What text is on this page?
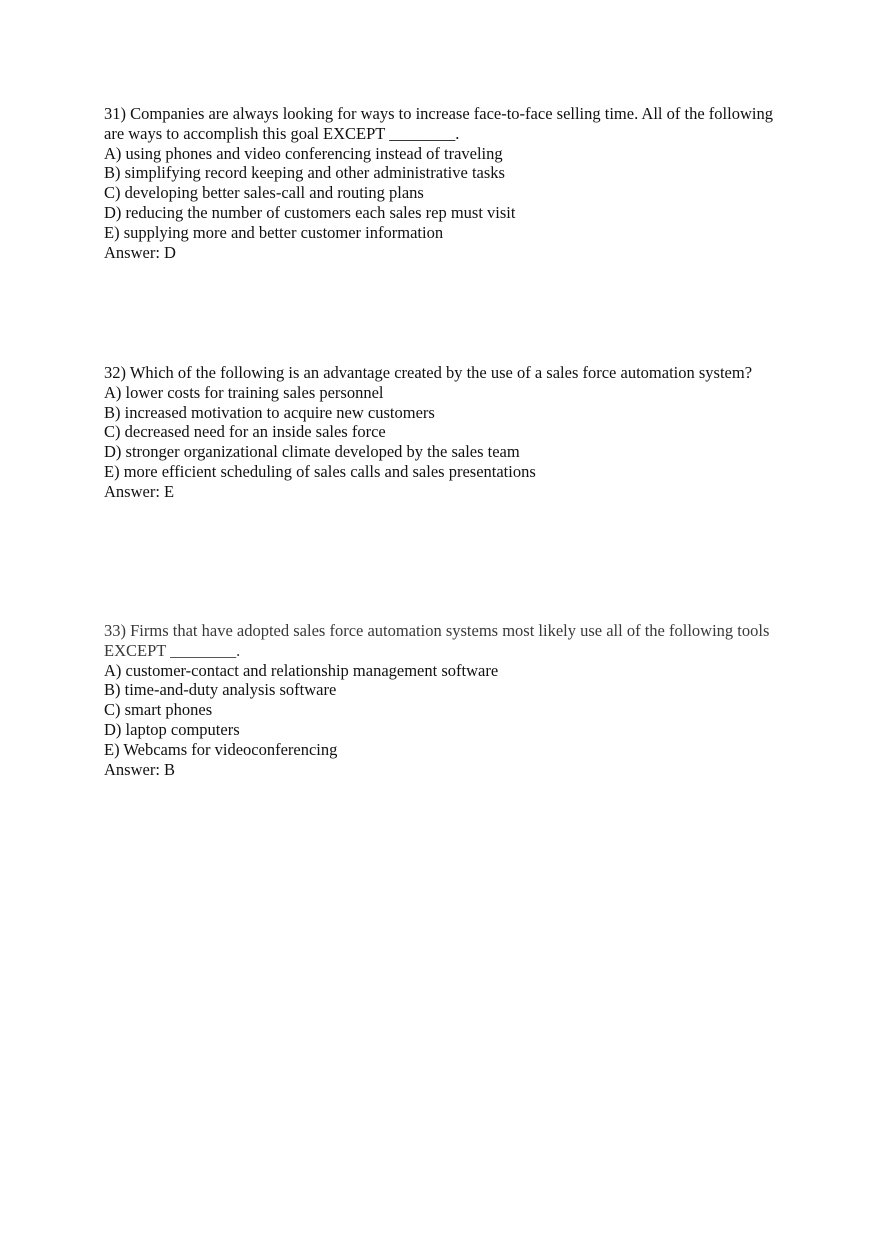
31) Companies are always looking for ways to increase face-to-face selling time. All of the following are ways to accomplish this goal EXCEPT ________.
A) using phones and video conferencing instead of traveling
B) simplifying record keeping and other administrative tasks
C) developing better sales-call and routing plans
D) reducing the number of customers each sales rep must visit
E) supplying more and better customer information
Answer: D
32) Which of the following is an advantage created by the use of a sales force automation system?
A) lower costs for training sales personnel
B) increased motivation to acquire new customers
C) decreased need for an inside sales force
D) stronger organizational climate developed by the sales team
E) more efficient scheduling of sales calls and sales presentations
Answer: E
33) Firms that have adopted sales force automation systems most likely use all of the following tools EXCEPT ________.
A) customer-contact and relationship management software
B) time-and-duty analysis software
C) smart phones
D) laptop computers
E) Webcams for videoconferencing
Answer: B
